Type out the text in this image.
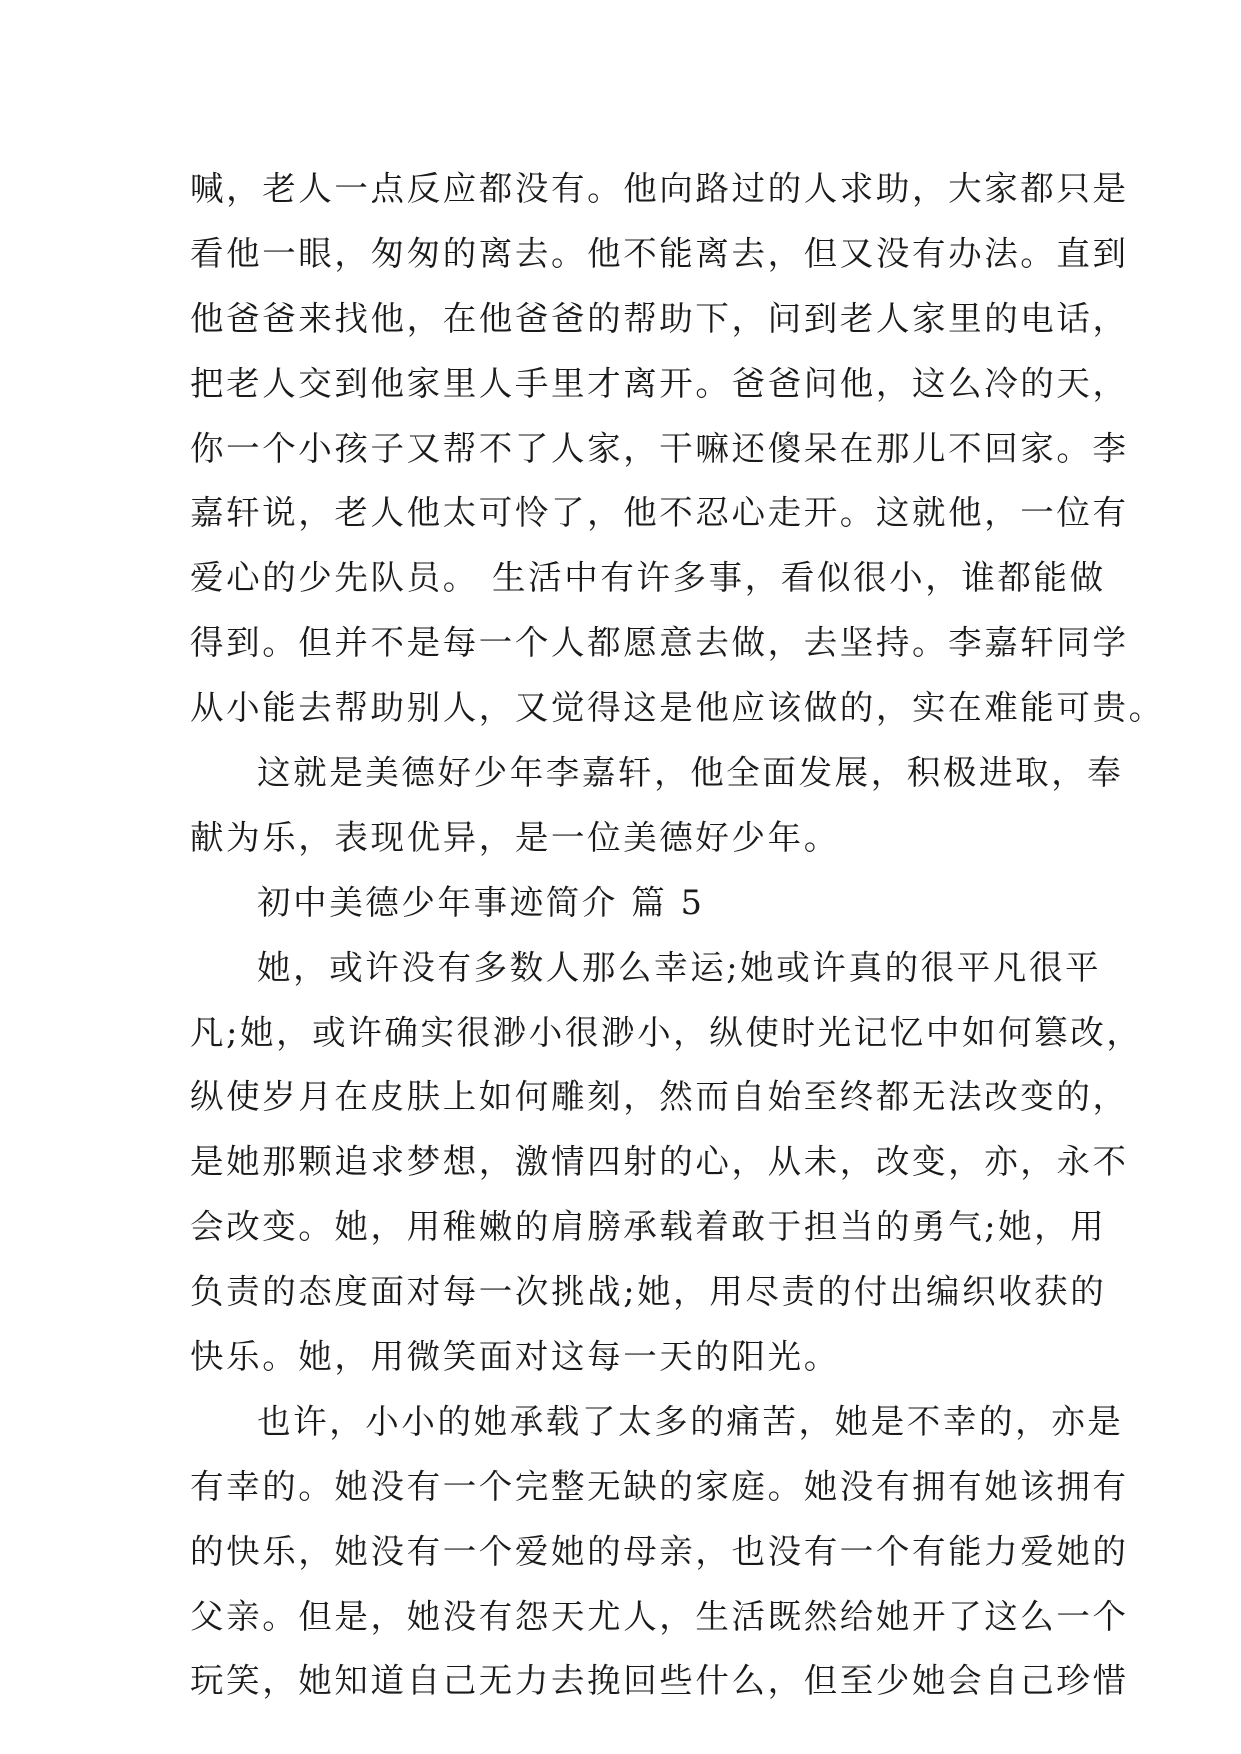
喊，老人一点反应都没有。他向路过的人求助，大家都只是
看他一眼，匆匆的离去。他不能离去，但又没有办法。直到
他爸爸来找他，在他爸爸的帮助下，问到老人家里的电话，
把老人交到他家里人手里才离开。爸爸问他，这么冷的天，
你一个小孩子又帮不了人家，干嘛还傻呆在那儿不回家。李
嘉轩说，老人他太可怜了，他不忍心走开。这就他，一位有
爱心的少先队员。 生活中有许多事，看似很小，谁都能做
得到。但并不是每一个人都愿意去做，去坚持。李嘉轩同学
从小能去帮助别人，又觉得这是他应该做的，实在难能可贵。
这就是美德好少年李嘉轩，他全面发展，积极进取，奉
献为乐，表现优异，是一位美德好少年。
初中美德少年事迹简介 篇 5
她，或许没有多数人那么幸运;她或许真的很平凡很平
凡;她，或许确实很渺小很渺小，纵使时光记忆中如何篡改，
纵使岁月在皮肤上如何雕刻，然而自始至终都无法改变的，
是她那颗追求梦想，激情四射的心，从未，改变，亦，永不
会改变。她，用稚嫩的肩膀承载着敢于担当的勇气;她，用
负责的态度面对每一次挑战;她，用尽责的付出编织收获的
快乐。她，用微笑面对这每一天的阳光。
也许，小小的她承载了太多的痛苦，她是不幸的，亦是
有幸的。她没有一个完整无缺的家庭。她没有拥有她该拥有
的快乐，她没有一个爱她的母亲，也没有一个有能力爱她的
父亲。但是，她没有怨天尤人，生活既然给她开了这么一个
玩笑，她知道自己无力去挽回些什么，但至少她会自己珍惜
